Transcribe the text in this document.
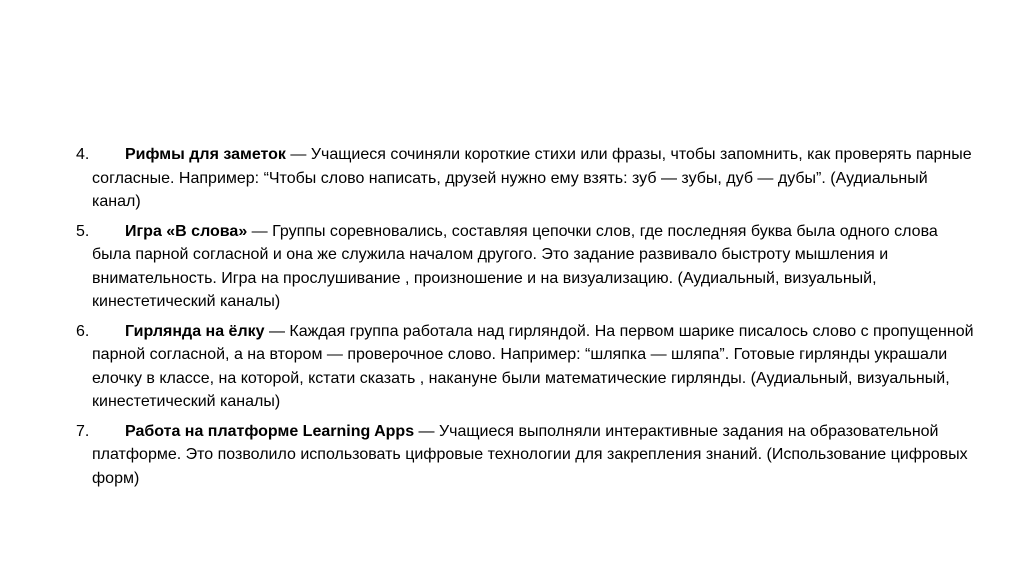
4.	Рифмы для заметок — Учащиеся сочиняли короткие стихи или фразы, чтобы запомнить, как проверять парные согласные. Например: “Чтобы слово написать, друзей нужно ему взять: зуб — зубы, дуб — дубы”. (Аудиальный канал)
5.	Игра «В слова» — Группы соревновались, составляя цепочки слов, где последняя буква была одного слова была парной согласной и она же служила началом другого. Это задание развивало быстроту мышления и внимательность. Игра на прослушивание , произношение и на визуализацию. (Аудиальный, визуальный, кинестетический каналы)
6.	Гирлянда на ёлку — Каждая группа работала над гирляндой. На первом шарике писалось слово с пропущенной парной согласной, а на втором — проверочное слово. Например: “шляпка — шляпа”. Готовые гирлянды украшали елочку в классе, на которой, кстати сказать , накануне были математические гирлянды. (Аудиальный, визуальный, кинестетический каналы)
7.	Работа на платформе Learning Apps — Учащиеся выполняли интерактивные задания на образовательной платформе. Это позволило использовать цифровые технологии для закрепления знаний. (Использование цифровых форм)
